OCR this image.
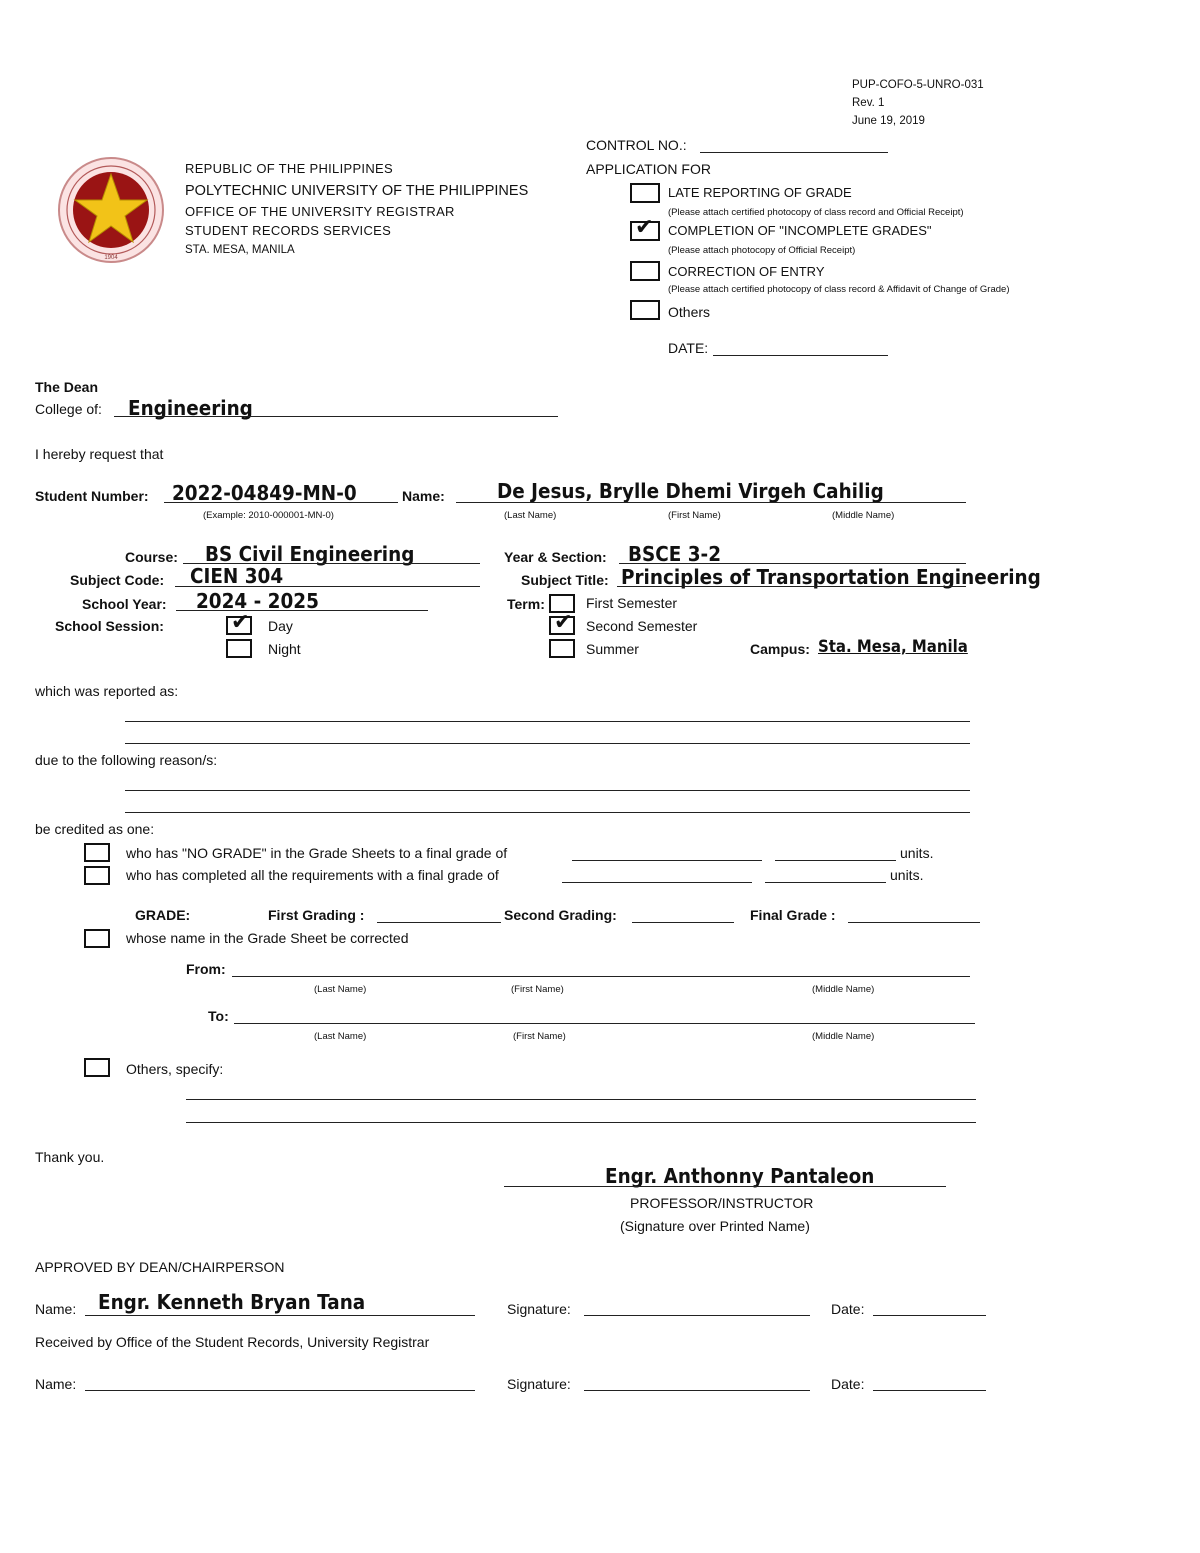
PUP-COFO-5-UNRO-031
Rev. 1
June 19, 2019
CONTROL NO.:
1904
REPUBLIC OF THE PHILIPPINES
POLYTECHNIC UNIVERSITY OF THE PHILIPPINES
OFFICE OF THE UNIVERSITY REGISTRAR
STUDENT RECORDS SERVICES
STA. MESA, MANILA
APPLICATION FOR
LATE REPORTING OF GRADE
(Please attach certified photocopy of class record and Official Receipt)
✔ COMPLETION OF "INCOMPLETE GRADES"
(Please attach photocopy of Official Receipt)
CORRECTION OF ENTRY
(Please attach certified photocopy of class record & Affidavit of Change of Grade)
Others
DATE:
The Dean
College of: Engineering
I hereby request that
Student Number: 2022-04849-MN-0
(Example: 2010-000001-MN-0)
Name:	De Jesus, Brylle Dhemi Virgeh Cahilig
(Last Name)	(First Name)	(Middle Name)
Course: BS Civil Engineering	Year & Section: BSCE 3-2
Subject Code: CIEN 304	Subject Title: Principles of Transportation Engineering
School Year: 2024 - 2025	Term:	First Semester
School Session:	✔ Day	✔ Second Semester
Night	Summer	Campus: Sta. Mesa, Manila
which was reported as:
due to the following reason/s:
be credited as one:
who has "NO GRADE" in the Grade Sheets to a final grade of	units.
who has completed all the requirements with a final grade of	units.
GRADE:	First Grading :	Second Grading:	Final Grade :
whose name in the Grade Sheet be corrected
From:
(Last Name)	(First Name)	(Middle Name)
To:
(Last Name)	(First Name)	(Middle Name)
Others, specify:
Thank you.
Engr. Anthonny Pantaleon
PROFESSOR/INSTRUCTOR
(Signature over Printed Name)
APPROVED BY DEAN/CHAIRPERSON
Name: Engr. Kenneth Bryan Tana	Signature:	Date:
Received by Office of the Student Records, University Registrar
Name:	Signature:	Date:
